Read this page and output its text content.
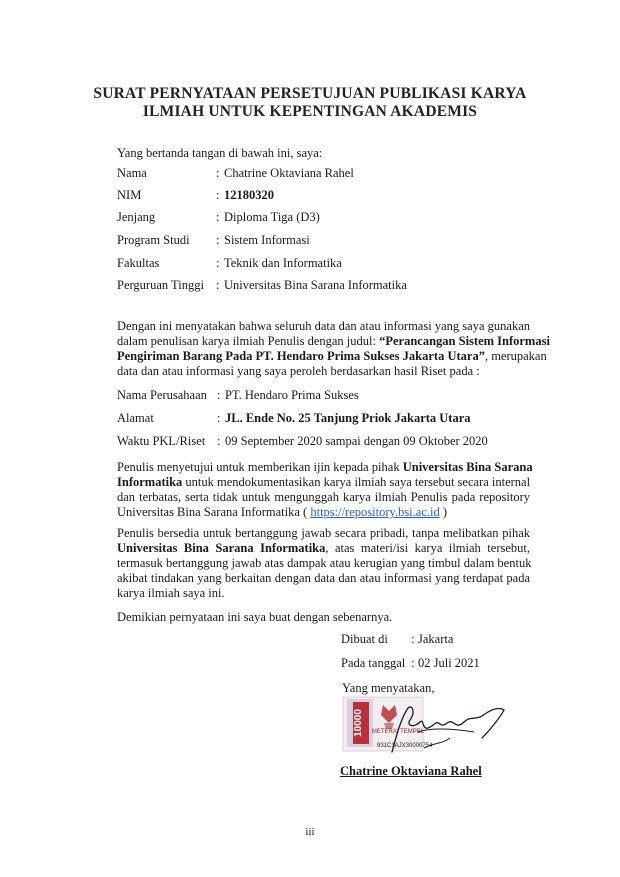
SURAT PERNYATAAN PERSETUJUAN PUBLIKASI KARYA
ILMIAH UNTUK KEPENTINGAN AKADEMIS
Yang bertanda tangan di bawah ini, saya:
Nama	: Chatrine Oktaviana Rahel
NIM	: 12180320
Jenjang	: Diploma Tiga (D3)
Program Studi : Sistem Informasi
Fakultas	: Teknik dan Informatika
Perguruan Tinggi : Universitas Bina Sarana Informatika
Dengan ini menyatakan bahwa seluruh data dan atau informasi yang saya gunakan
dalam penulisan karya ilmiah Penulis dengan judul: “Perancangan Sistem Informasi
Pengiriman Barang Pada PT. Hendaro Prima Sukses Jakarta Utara”, merupakan
data dan atau informasi yang saya peroleh berdasarkan hasil Riset pada :
Nama Perusahaan : PT. Hendaro Prima Sukses
Alamat	: JL. Ende No. 25 Tanjung Priok Jakarta Utara
Waktu PKL/Riset : 09 September 2020 sampai dengan 09 Oktober 2020
Penulis menyetujui untuk memberikan ijin kepada pihak Universitas Bina Sarana
Informatika untuk mendokumentasikan karya ilmiah saya tersebut secara internal
dan terbatas, serta tidak untuk mengunggah karya ilmiah Penulis pada repository
Universitas Bina Sarana Informatika ( https://repository.bsi.ac.id )
Penulis bersedia untuk bertanggung jawab secara pribadi, tanpa melibatkan pihak
Universitas Bina Sarana Informatika, atas materi/isi karya ilmiah tersebut,
termasuk bertanggung jawab atas dampak atau kerugian yang timbul dalam bentuk
akibat tindakan yang berkaitan dengan data dan atau informasi yang terdapat pada
karya ilmiah saya ini.
Demikian pernyataan ini saya buat dengan sebenarnya.
Dibuat di : Jakarta
Pada tanggal : 02 Juli 2021
Yang menyatakan,
10000 METERAI TEMPEL
931C1AJX30000754
Chatrine Oktaviana Rahel
iii
